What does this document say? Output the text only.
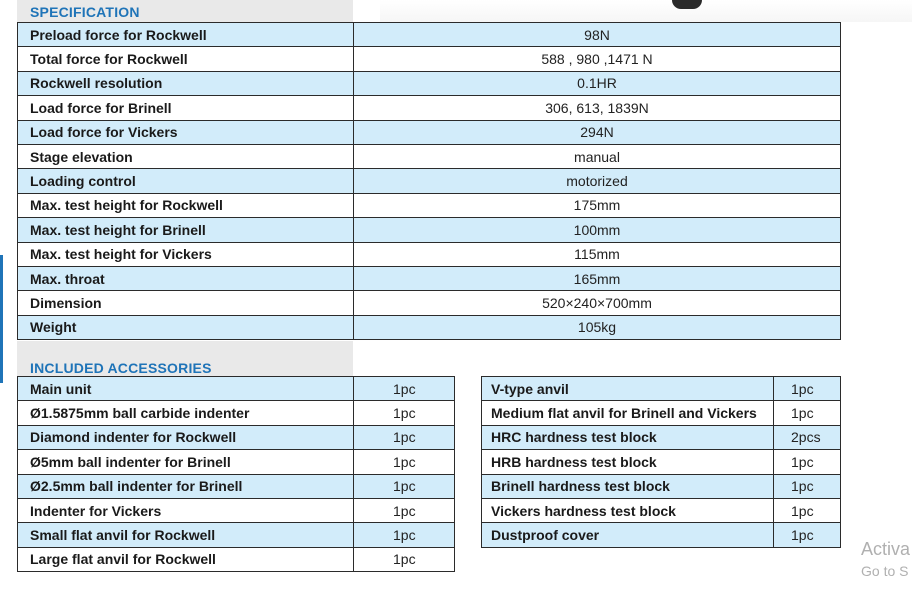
SPECIFICATION
Preload force for Rockwell	98N
Total force for Rockwell	588 , 980 ,1471 N
Rockwell resolution	0.1HR
Load force for Brinell	306, 613, 1839N
Load force for Vickers	294N
Stage elevation	manual
Loading control	motorized
Max. test height for Rockwell	175mm
Max. test height for Brinell	100mm
Max. test height for Vickers	115mm
Max. throat	165mm
Dimension	520×240×700mm
Weight	105kg
INCLUDED ACCESSORIES
Main unit	1pc
Ø1.5875mm ball carbide indenter	1pc
Diamond indenter for Rockwell	1pc
Ø5mm ball indenter for Brinell	1pc
Ø2.5mm ball indenter for Brinell	1pc
Indenter for Vickers	1pc
Small flat anvil for Rockwell	1pc
Large flat anvil for Rockwell	1pc
V-type anvil	1pc
Medium flat anvil for Brinell and Vickers	1pc
HRC hardness test block	2pcs
HRB hardness test block	1pc
Brinell hardness test block	1pc
Vickers hardness test block	1pc
Dustproof cover	1pc
Activa
Go to S
